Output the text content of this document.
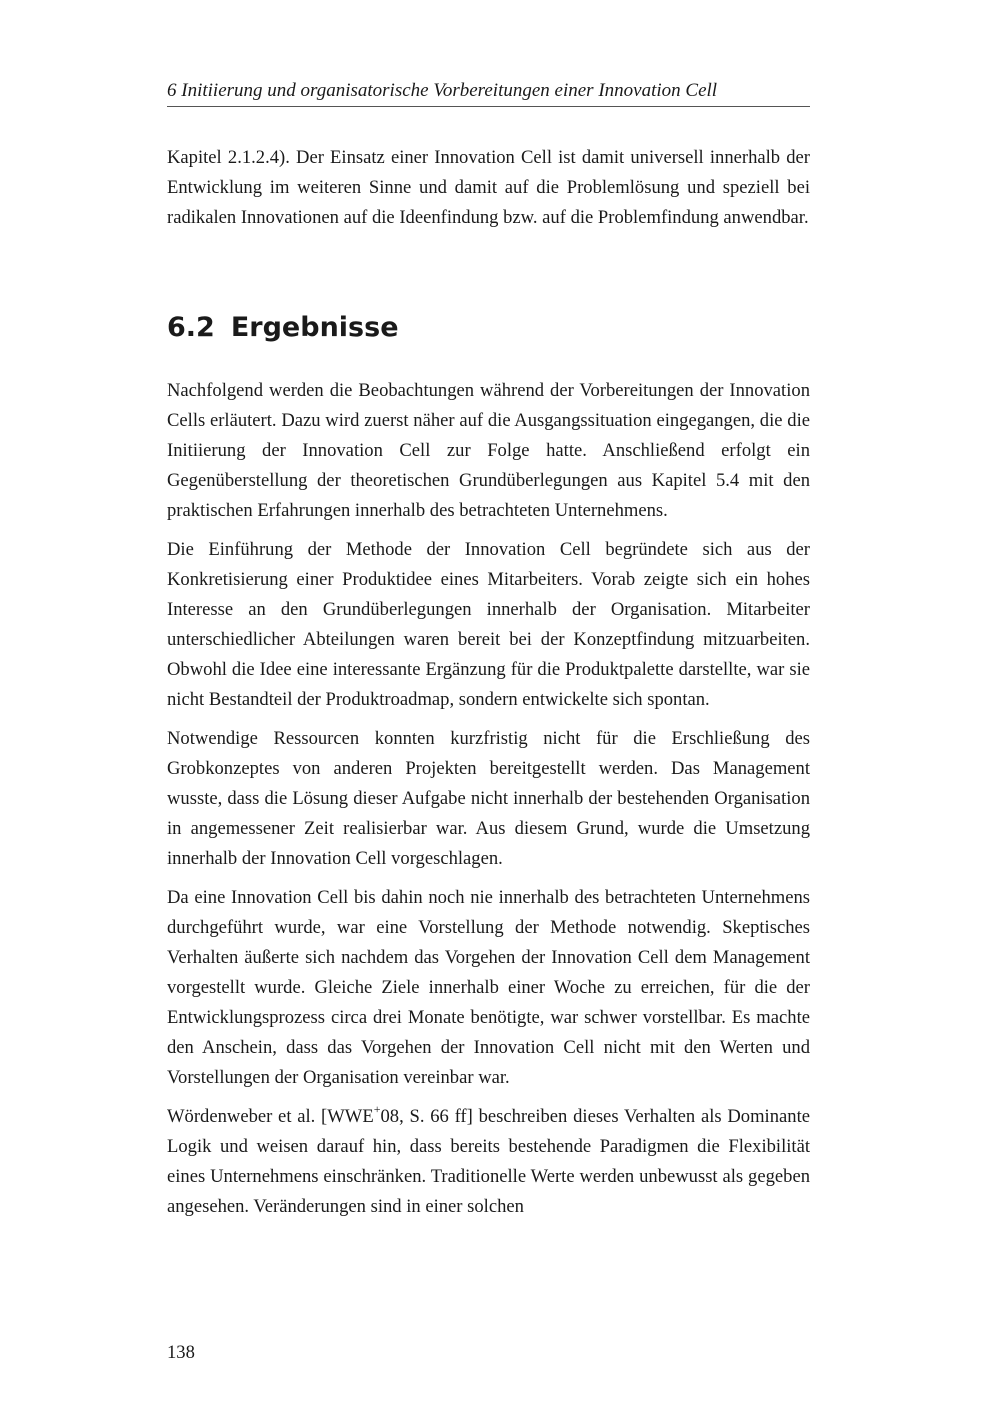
6 Initiierung und organisatorische Vorbereitungen einer Innovation Cell

Kapitel 2.1.2.4). Der Einsatz einer Innovation Cell ist damit universell innerhalb der Entwicklung im weiteren Sinne und damit auf die Problemlösung und speziell bei radikalen Innovationen auf die Ideenfindung bzw. auf die Problemfindung anwendbar.

6.2 Ergebnisse

Nachfolgend werden die Beobachtungen während der Vorbereitungen der Innovation Cells erläutert. Dazu wird zuerst näher auf die Ausgangssituation eingegangen, die die Initiierung der Innovation Cell zur Folge hatte. Anschließend erfolgt ein Gegenüberstellung der theoretischen Grundüberlegungen aus Kapitel 5.4 mit den praktischen Erfahrungen innerhalb des betrachteten Unternehmens.

Die Einführung der Methode der Innovation Cell begründete sich aus der Konkretisierung einer Produktidee eines Mitarbeiters. Vorab zeigte sich ein hohes Interesse an den Grundüberlegungen innerhalb der Organisation. Mitarbeiter unterschiedlicher Abteilungen waren bereit bei der Konzeptfindung mitzuarbeiten. Obwohl die Idee eine interessante Ergänzung für die Produktpalette darstellte, war sie nicht Bestandteil der Produktroadmap, sondern entwickelte sich spontan.

Notwendige Ressourcen konnten kurzfristig nicht für die Erschließung des Grobkonzeptes von anderen Projekten bereitgestellt werden. Das Management wusste, dass die Lösung dieser Aufgabe nicht innerhalb der bestehenden Organisation in angemessener Zeit realisierbar war. Aus diesem Grund, wurde die Umsetzung innerhalb der Innovation Cell vorgeschlagen.

Da eine Innovation Cell bis dahin noch nie innerhalb des betrachteten Unternehmens durchgeführt wurde, war eine Vorstellung der Methode notwendig. Skeptisches Verhalten äußerte sich nachdem das Vorgehen der Innovation Cell dem Management vorgestellt wurde. Gleiche Ziele innerhalb einer Woche zu erreichen, für die der Entwicklungsprozess circa drei Monate benötigte, war schwer vorstellbar. Es machte den Anschein, dass das Vorgehen der Innovation Cell nicht mit den Werten und Vorstellungen der Organisation vereinbar war.

Wördenweber et al. [WWE+08, S. 66 ff] beschreiben dieses Verhalten als Dominante Logik und weisen darauf hin, dass bereits bestehende Paradigmen die Flexibilität eines Unternehmens einschränken. Traditionelle Werte werden unbewusst als gegeben angesehen. Veränderungen sind in einer solchen

138
